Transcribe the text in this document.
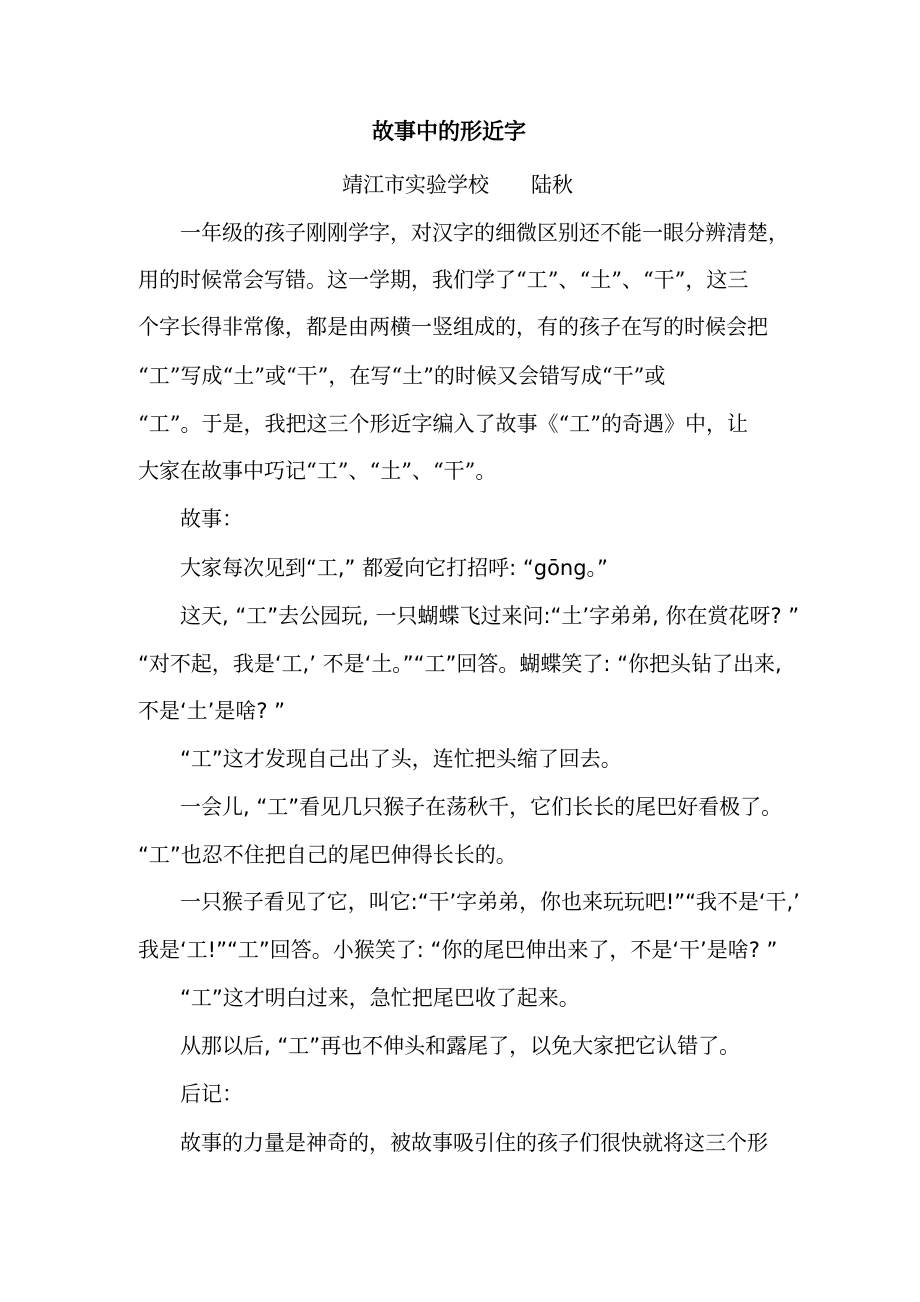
故事中的形近字
靖江市实验学校　　陆秋
一年级的孩子刚刚学字，对汉字的细微区别还不能一眼分辨清楚，
用的时候常会写错。这一学期，我们学了“工”、“土”、“干”，这三
个字长得非常像，都是由两横一竖组成的，有的孩子在写的时候会把
“工”写成“土”或“干”，在写“土”的时候又会错写成“干”或
“工”。于是，我把这三个形近字编入了故事《“工”的奇遇》中，让
大家在故事中巧记“工”、“土”、“干”。
故事：
大家每次见到“工,” 都爱向它打招呼: “gōng。”
这天, “工”去公园玩, 一只蝴蝶飞过来问:“土’字弟弟, 你在赏花呀? ”
“对不起，我是‘工,’ 不是‘土。”“工”回答。蝴蝶笑了: “你把头钻了出来,
不是‘土’是啥? ”
“工”这才发现自己出了头，连忙把头缩了回去。
一会儿, “工”看见几只猴子在荡秋千，它们长长的尾巴好看极了。
“工”也忍不住把自己的尾巴伸得长长的。
一只猴子看见了它，叫它:“干’字弟弟，你也来玩玩吧!”“我不是‘干,’
我是‘工!”“工”回答。小猴笑了: “你的尾巴伸出来了，不是‘干’是啥? ”
“工”这才明白过来，急忙把尾巴收了起来。
从那以后, “工”再也不伸头和露尾了，以免大家把它认错了。
后记：
故事的力量是神奇的，被故事吸引住的孩子们很快就将这三个形
